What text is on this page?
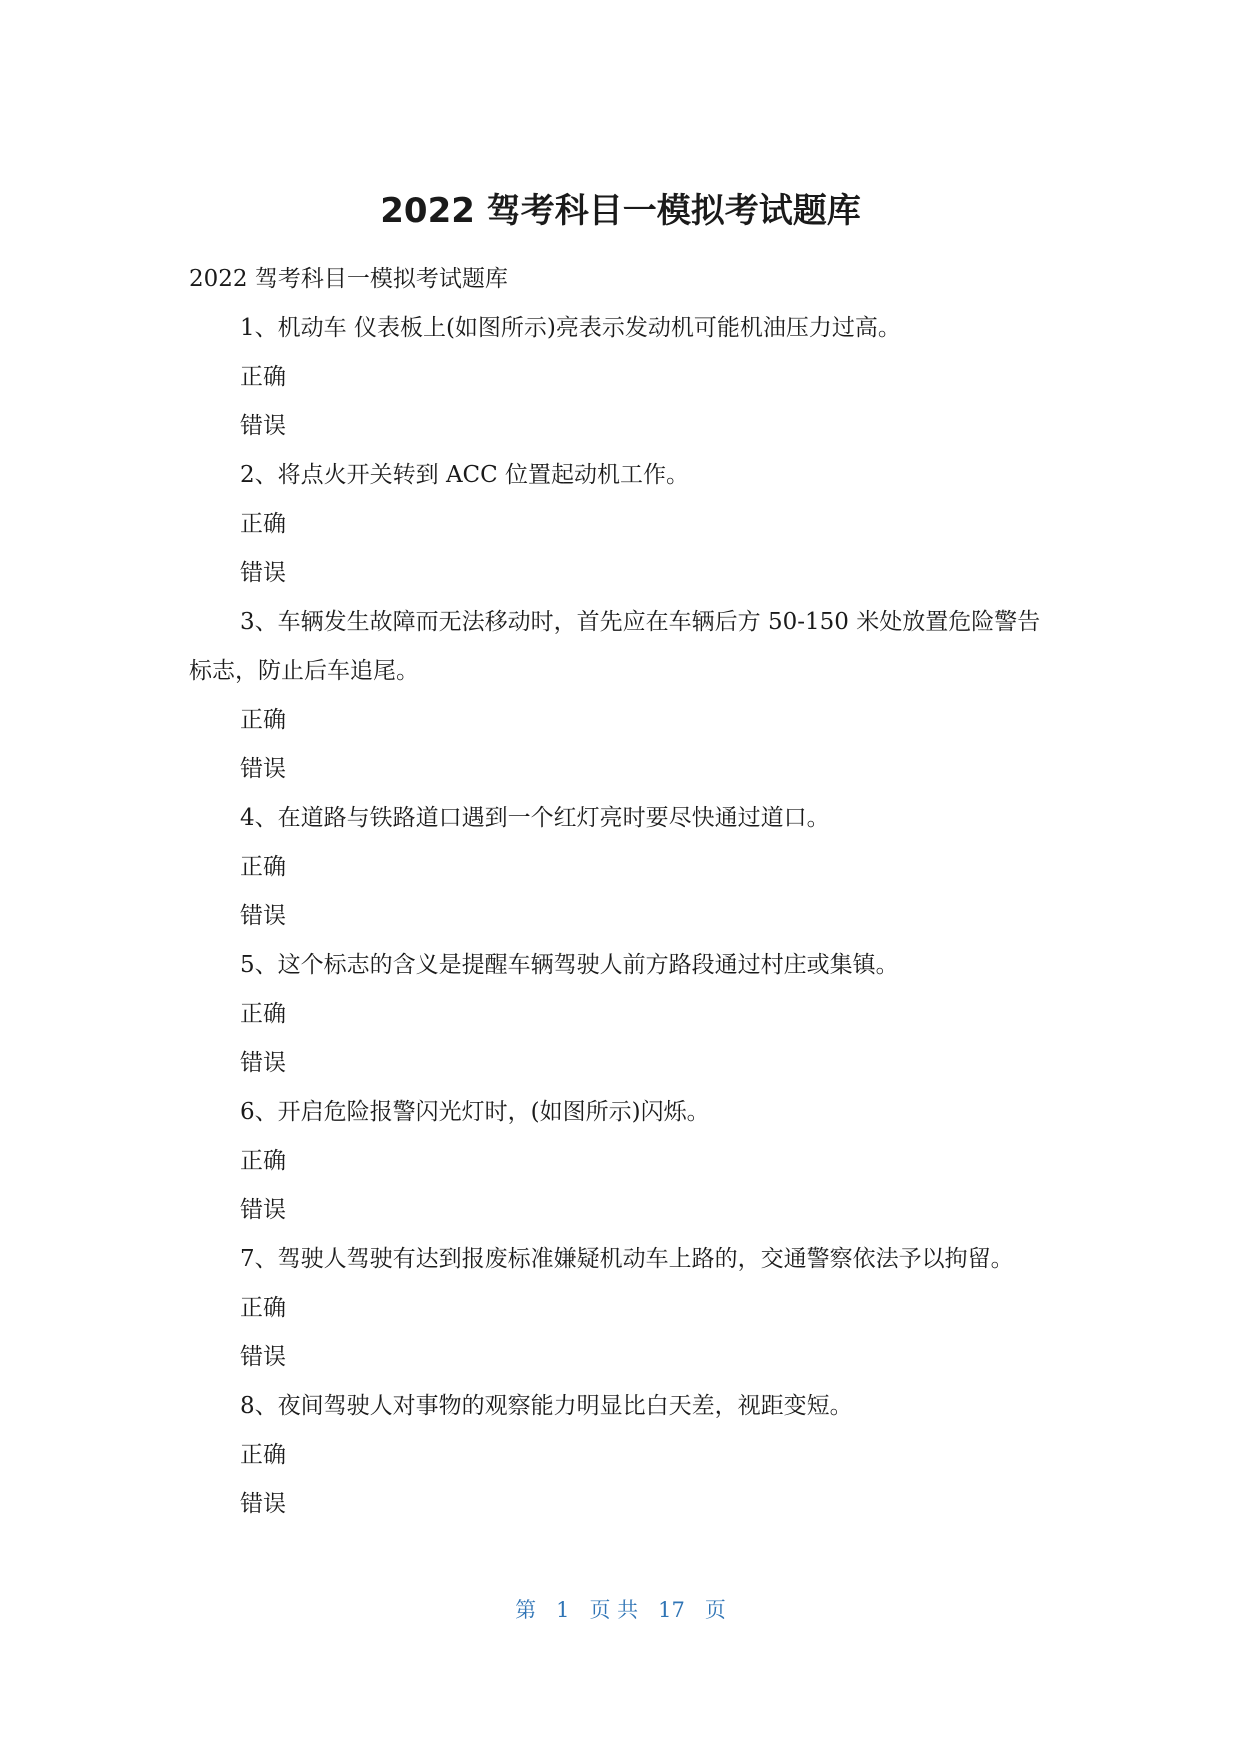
2022 驾考科目一模拟考试题库

2022 驾考科目一模拟考试题库

1、机动车 仪表板上(如图所示)亮表示发动机可能机油压力过高。

正确

错误

2、将点火开关转到 ACC 位置起动机工作。

正确

错误

3、车辆发生故障而无法移动时，首先应在车辆后方 50-150 米处放置危险警告标志，防止后车追尾。

正确

错误

4、在道路与铁路道口遇到一个红灯亮时要尽快通过道口。

正确

错误

5、这个标志的含义是提醒车辆驾驶人前方路段通过村庄或集镇。

正确

错误

6、开启危险报警闪光灯时，(如图所示)闪烁。

正确

错误

7、驾驶人驾驶有达到报废标准嫌疑机动车上路的，交通警察依法予以拘留。

正确

错误

8、夜间驾驶人对事物的观察能力明显比白天差，视距变短。

正确

错误

第 1 页 共 17 页
